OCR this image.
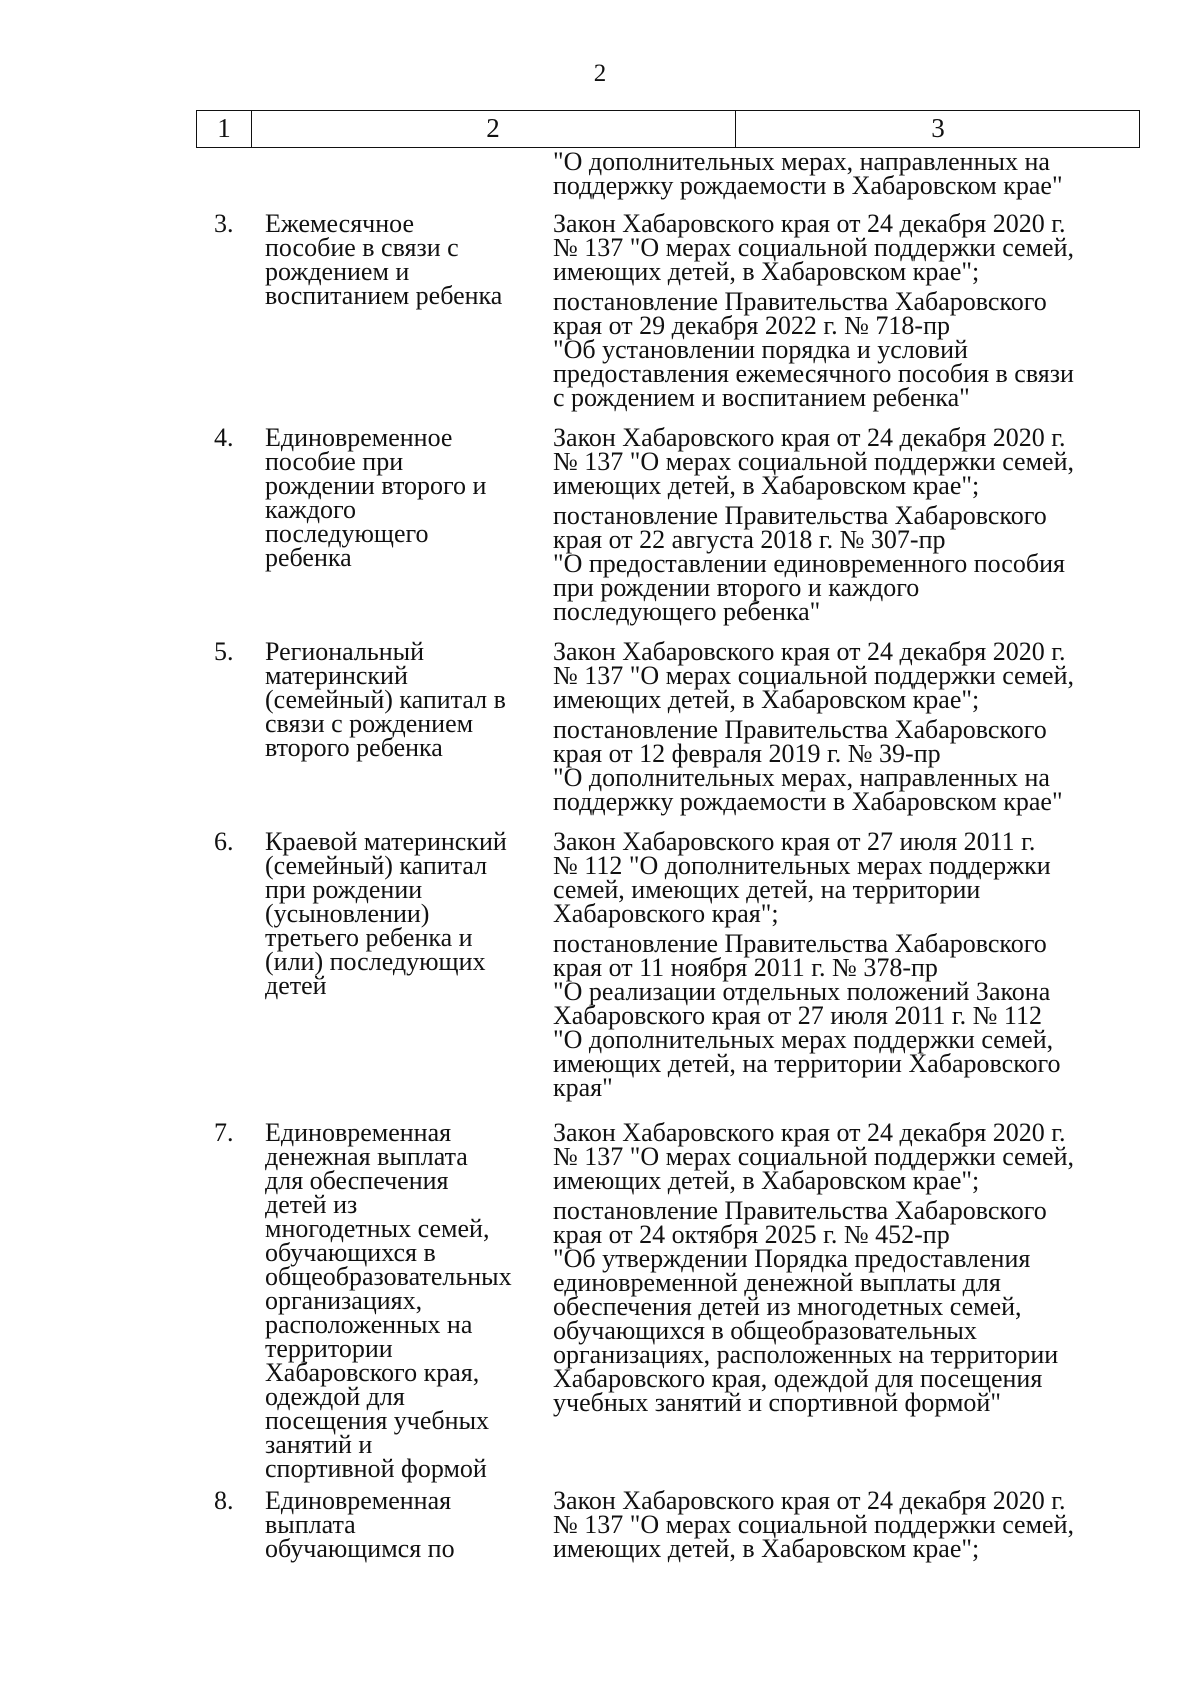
2
1	2	3
"О дополнительных мерах, направленных на
поддержку рождаемости в Хабаровском крае"
3. Ежемесячное
пособие в связи с
рождением и
воспитанием ребенка
Закон Хабаровского края от 24 декабря 2020 г.
№ 137 "О мерах социальной поддержки семей,
имеющих детей, в Хабаровском крае";
постановление Правительства Хабаровского
края от 29 декабря 2022 г. № 718-пр
"Об установлении порядка и условий
предоставления ежемесячного пособия в связи
с рождением и воспитанием ребенка"
4. Единовременное
пособие при
рождении второго и
каждого
последующего
ребенка
Закон Хабаровского края от 24 декабря 2020 г.
№ 137 "О мерах социальной поддержки семей,
имеющих детей, в Хабаровском крае";
постановление Правительства Хабаровского
края от 22 августа 2018 г. № 307-пр
"О предоставлении единовременного пособия
при рождении второго и каждого
последующего ребенка"
5. Региональный
материнский
(семейный) капитал в
связи с рождением
второго ребенка
Закон Хабаровского края от 24 декабря 2020 г.
№ 137 "О мерах социальной поддержки семей,
имеющих детей, в Хабаровском крае";
постановление Правительства Хабаровского
края от 12 февраля 2019 г. № 39-пр
"О дополнительных мерах, направленных на
поддержку рождаемости в Хабаровском крае"
6. Краевой материнский
(семейный) капитал
при рождении
(усыновлении)
третьего ребенка и
(или) последующих
детей
Закон Хабаровского края от 27 июля 2011 г.
№ 112 "О дополнительных мерах поддержки
семей, имеющих детей, на территории
Хабаровского края";
постановление Правительства Хабаровского
края от 11 ноября 2011 г. № 378-пр
"О реализации отдельных положений Закона
Хабаровского края от 27 июля 2011 г. № 112
"О дополнительных мерах поддержки семей,
имеющих детей, на территории Хабаровского
края"
7. Единовременная
денежная выплата
для обеспечения
детей из
многодетных семей,
обучающихся в
общеобразовательных
организациях,
расположенных на
территории
Хабаровского края,
одеждой для
посещения учебных
занятий и
спортивной формой
Закон Хабаровского края от 24 декабря 2020 г.
№ 137 "О мерах социальной поддержки семей,
имеющих детей, в Хабаровском крае";
постановление Правительства Хабаровского
края от 24 октября 2025 г. № 452-пр
"Об утверждении Порядка предоставления
единовременной денежной выплаты для
обеспечения детей из многодетных семей,
обучающихся в общеобразовательных
организациях, расположенных на территории
Хабаровского края, одеждой для посещения
учебных занятий и спортивной формой"
8. Единовременная
выплата
обучающимся по
Закон Хабаровского края от 24 декабря 2020 г.
№ 137 "О мерах социальной поддержки семей,
имеющих детей, в Хабаровском крае";
